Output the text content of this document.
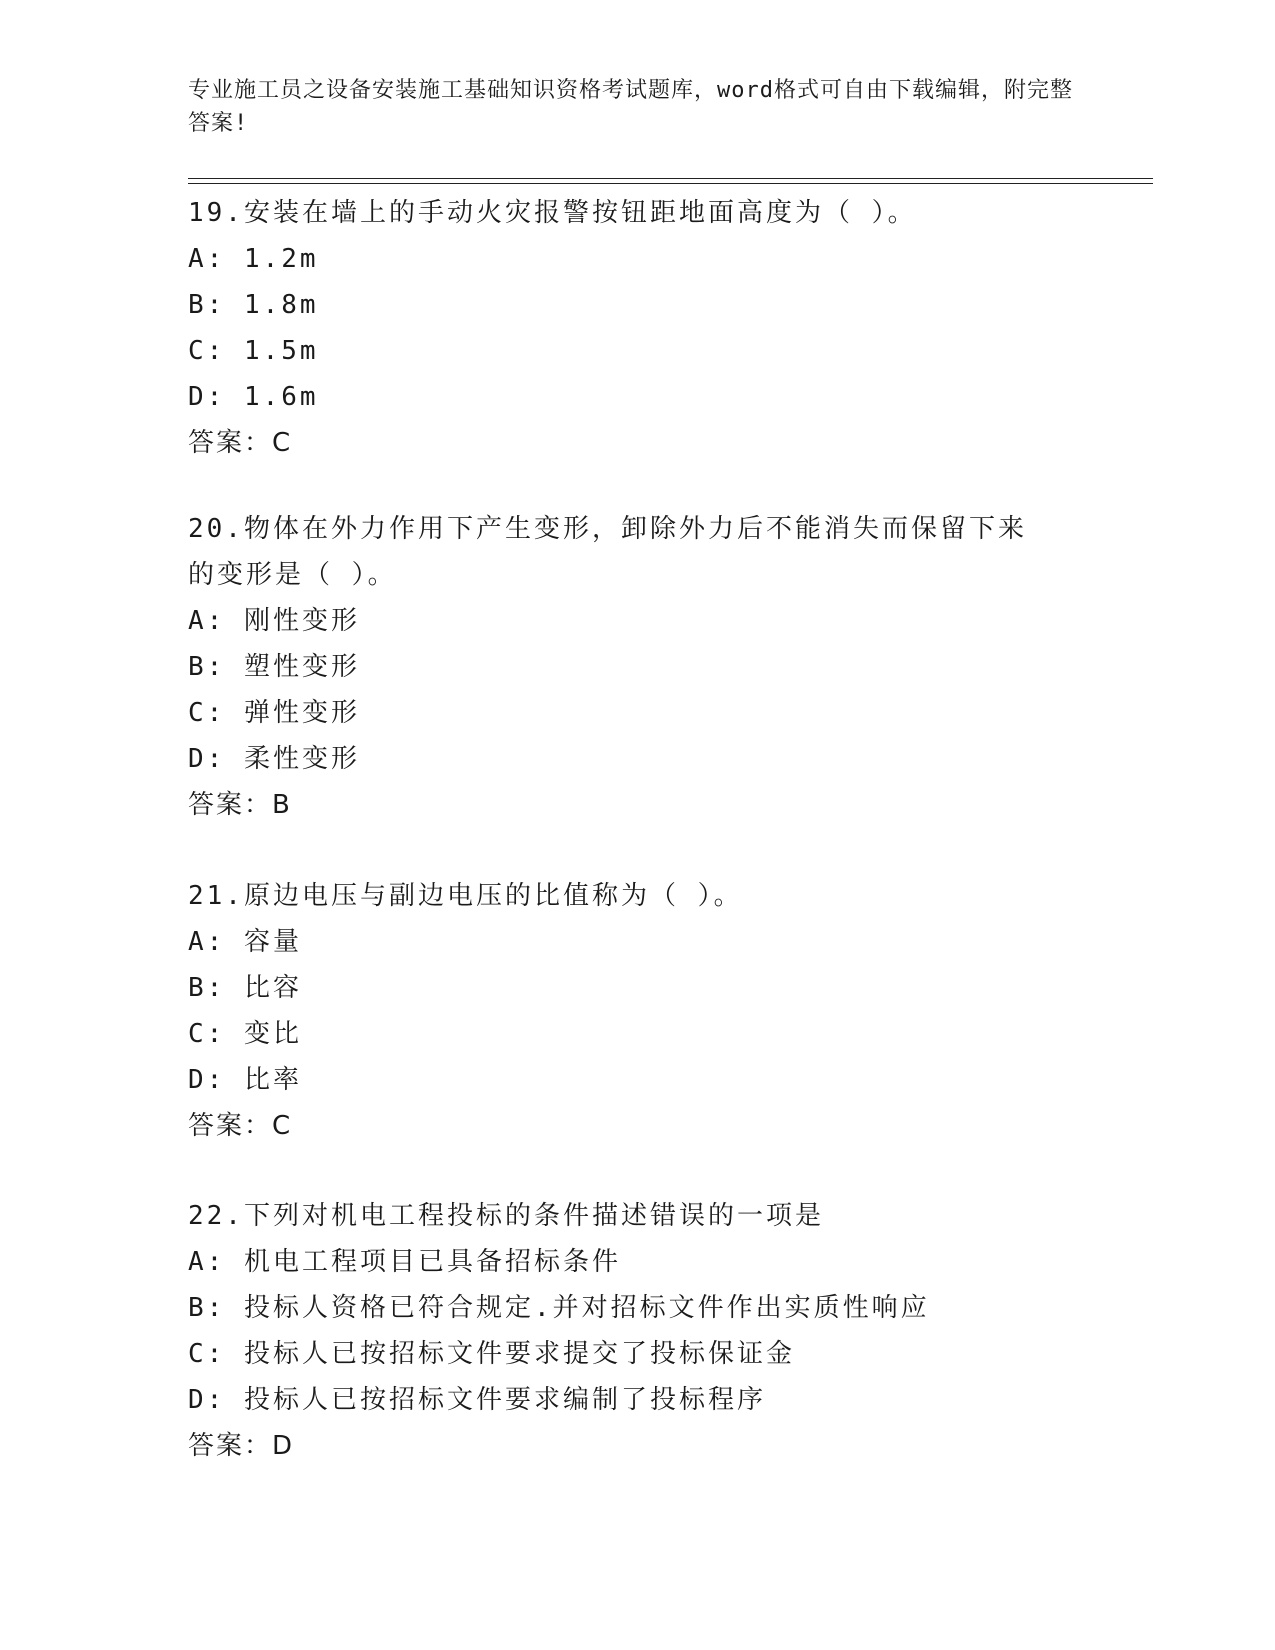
专业施工员之设备安装施工基础知识资格考试题库，word格式可自由下载编辑，附完整答案!
19.安装在墙上的手动火灾报警按钮距地面高度为（ ）。
A: 1.2m
B: 1.8m
C: 1.5m
D: 1.6m
答案：C
20.物体在外力作用下产生变形，卸除外力后不能消失而保留下来的变形是（ ）。
A: 刚性变形
B: 塑性变形
C: 弹性变形
D: 柔性变形
答案：B
21.原边电压与副边电压的比值称为（ ）。
A: 容量
B: 比容
C: 变比
D: 比率
答案：C
22.下列对机电工程投标的条件描述错误的一项是
A: 机电工程项目已具备招标条件
B: 投标人资格已符合规定.并对招标文件作出实质性响应
C: 投标人已按招标文件要求提交了投标保证金
D: 投标人已按招标文件要求编制了投标程序
答案：D
